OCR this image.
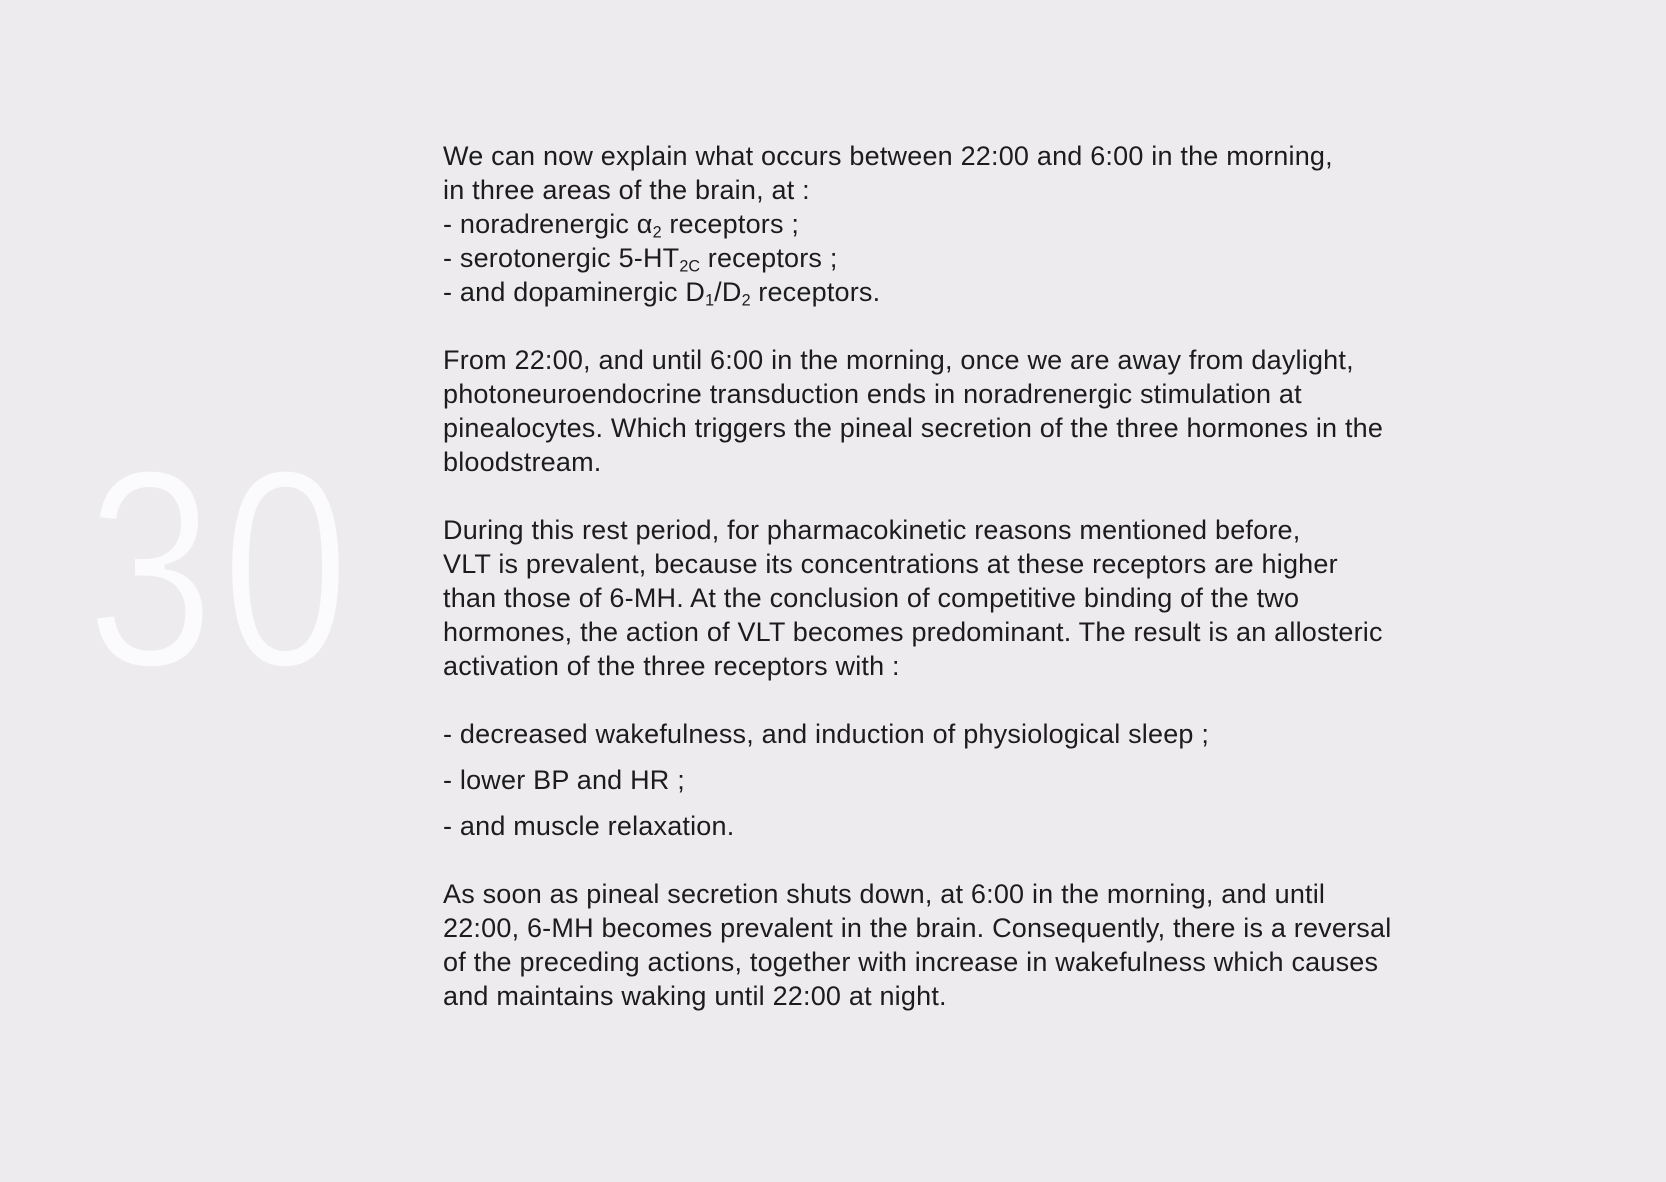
30
We can now explain what occurs between 22:00 and 6:00 in the morning,
in three areas of the brain, at :
- noradrenergic $\alpha_2$ receptors ;
- serotonergic $5-HT_{2C}$ receptors ;
- and dopaminergic $D_1/D_2$ receptors.
From 22:00, and until 6:00 in the morning, once we are away from daylight,
photoneuroendocrine transduction ends in noradrenergic stimulation at
pinealocytes. Which triggers the pineal secretion of the three hormones in the
bloodstream.
During this rest period, for pharmacokinetic reasons mentioned before,
VLT is prevalent, because its concentrations at these receptors are higher
than those of 6-MH. At the conclusion of competitive binding of the two
hormones, the action of VLT becomes predominant. The result is an allosteric
activation of the three receptors with :
- decreased wakefulness, and induction of physiological sleep ;
- lower BP and HR ;
- and muscle relaxation.
As soon as pineal secretion shuts down, at 6:00 in the morning, and until
22:00, 6-MH becomes prevalent in the brain. Consequently, there is a reversal
of the preceding actions, together with increase in wakefulness which causes
and maintains waking until 22:00 at night.
